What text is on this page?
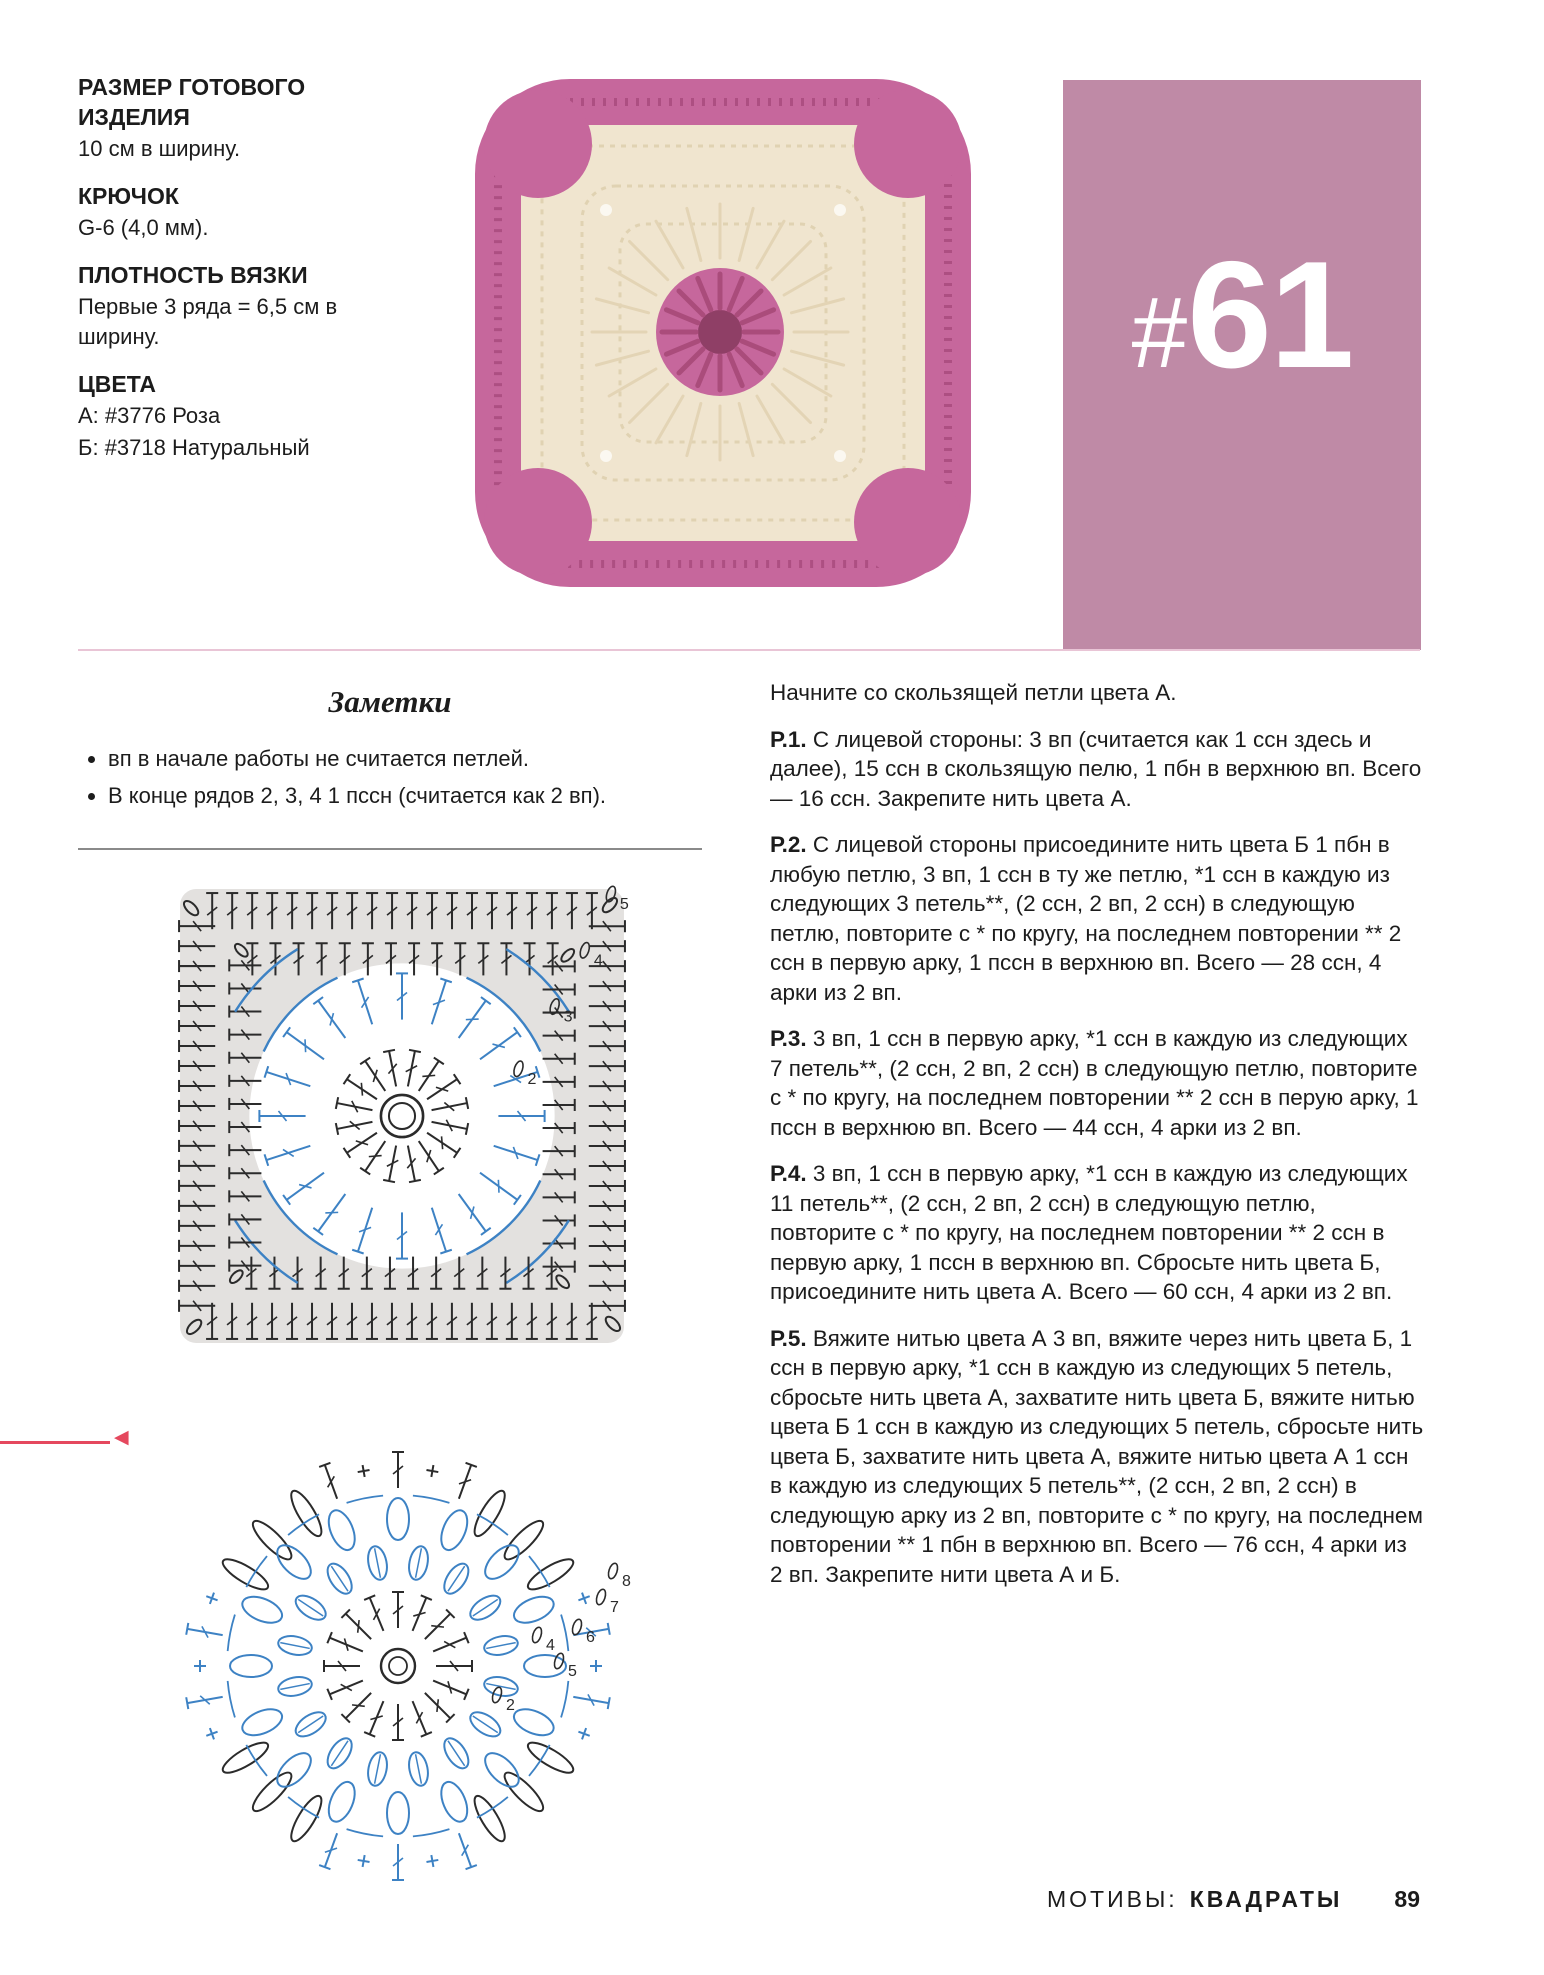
РАЗМЕР ГОТОВОГО ИЗДЕЛИЯ

10 см в ширину.

КРЮЧОК

G-6 (4,0 мм).

ПЛОТНОСТЬ ВЯЗКИ

Первые 3 ряда = 6,5 см в ширину.

ЦВЕТА

А: #3776 Роза

Б: #3718 Натуральный

#61
Заметки
• вп в начале работы не считается петлей.
• В конце рядов 2, 3, 4 1 пссн (считается как 2 вп).
2
3
4
5
◀
2
4
5
6
7
8

Начните со скользящей петли цвета А.

Р.1. С лицевой стороны: 3 вп (считается как 1 ссн здесь и далее), 15 ссн в скользящую пелю, 1 пбн в верхнюю вп. Всего — 16 ссн. Закрепите нить цвета А.

Р.2. С лицевой стороны присоедините нить цвета Б 1 пбн в любую петлю, 3 вп, 1 ссн в ту же петлю, *1 ссн в каждую из следующих 3 петель**, (2 ссн, 2 вп, 2 ссн) в следующую петлю, повторите с * по кругу, на последнем повторении ** 2 ссн в первую арку, 1 пссн в верхнюю вп. Всего — 28 ссн, 4 арки из 2 вп.

Р.3. 3 вп, 1 ссн в первую арку, *1 ссн в каждую из следующих 7 петель**, (2 ссн, 2 вп, 2 ссн) в следующую петлю, повторите с * по кругу, на последнем повторении ** 2 ссн в перую арку, 1 пссн в верхнюю вп. Всего — 44 ссн, 4 арки из 2 вп.

Р.4. 3 вп, 1 ссн в первую арку, *1 ссн в каждую из следующих 11 петель**, (2 ссн, 2 вп, 2 ссн) в следующую петлю, повторите с * по кругу, на последнем повторении ** 2 ссн в первую арку, 1 пссн в верхнюю вп. Сбросьте нить цвета Б, присоедините нить цвета А. Всего — 60 ссн, 4 арки из 2 вп.

Р.5. Вяжите нитью цвета А 3 вп, вяжите через нить цвета Б, 1 ссн в первую арку, *1 ссн в каждую из следующих 5 петель, сбросьте нить цвета А, захватите нить цвета Б, вяжите нитью цвета Б 1 ссн в каждую из следующих 5 петель, сбросьте нить цвета Б, захватите нить цвета А, вяжите нитью цвета А 1 ссн в каждую из следующих 5 петель**, (2 ссн, 2 вп, 2 ссн) в следующую арку из 2 вп, повторите с * по кругу, на последнем повторении ** 1 пбн в верхнюю вп. Всего — 76 ссн, 4 арки из 2 вп. Закрепите нити цвета А и Б.

МОТИВЫ: КВАДРАТЫ 89
